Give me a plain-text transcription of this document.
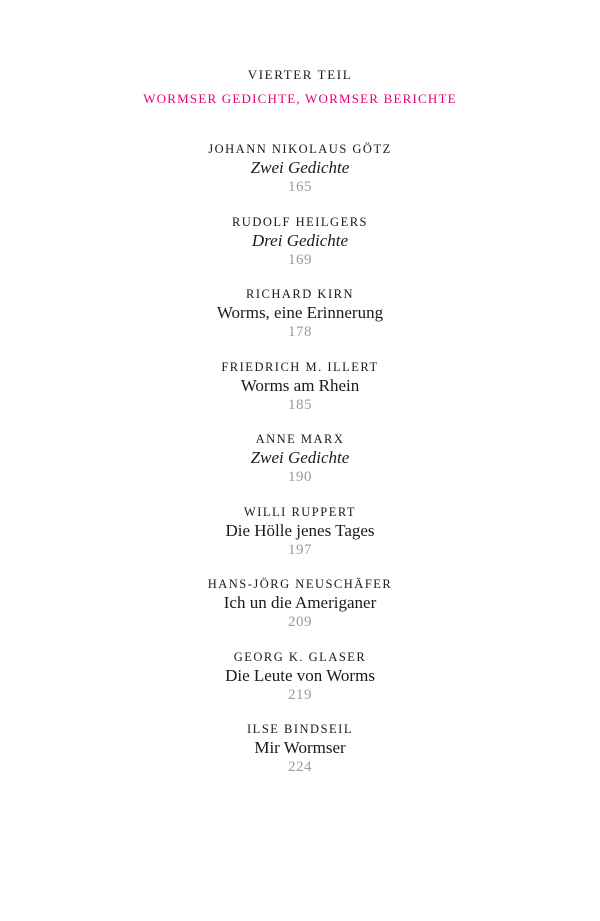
VIERTER TEIL
WORMSER GEDICHTE, WORMSER BERICHTE
JOHANN NIKOLAUS GÖTZ
Zwei Gedichte
165
RUDOLF HEILGERS
Drei Gedichte
169
RICHARD KIRN
Worms, eine Erinnerung
178
FRIEDRICH M. ILLERT
Worms am Rhein
185
ANNE MARX
Zwei Gedichte
190
WILLI RUPPERT
Die Hölle jenes Tages
197
HANS-JÖRG NEUSCHÄFER
Ich un die Ameriganer
209
GEORG K. GLASER
Die Leute von Worms
219
ILSE BINDSEIL
Mir Wormser
224
